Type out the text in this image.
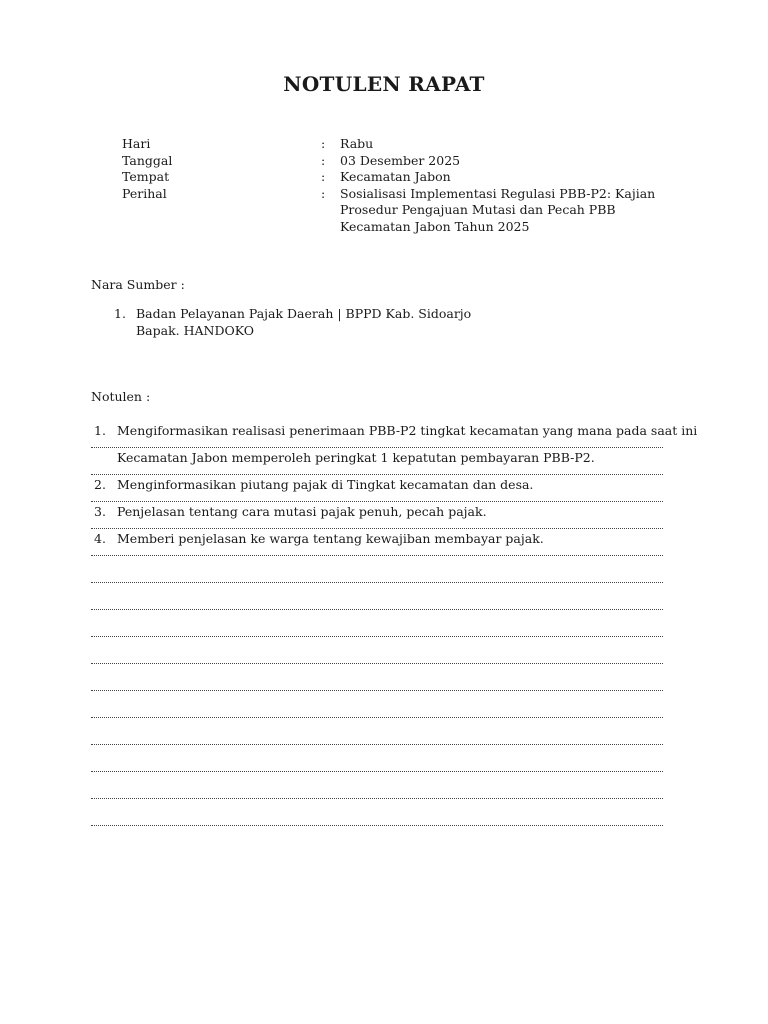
NOTULEN RAPAT
Hari	: Rabu
Tanggal	: 03 Desember 2025
Tempat	: Kecamatan Jabon
Perihal	: Sosialisasi Implementasi Regulasi PBB-P2: Kajian Prosedur Pengajuan Mutasi dan Pecah PBB Kecamatan Jabon Tahun 2025
Nara Sumber :
1. Badan Pelayanan Pajak Daerah | BPPD Kab. Sidoarjo
Bapak. HANDOKO
Notulen :
1. Mengiformasikan realisasi penerimaan PBB-P2 tingkat kecamatan yang mana pada saat ini
Kecamatan Jabon memperoleh peringkat 1 kepatutan pembayaran PBB-P2.
2. Menginformasikan piutang pajak di Tingkat kecamatan dan desa.
3. Penjelasan tentang cara mutasi pajak penuh, pecah pajak.
4. Memberi penjelasan ke warga tentang kewajiban membayar pajak.
